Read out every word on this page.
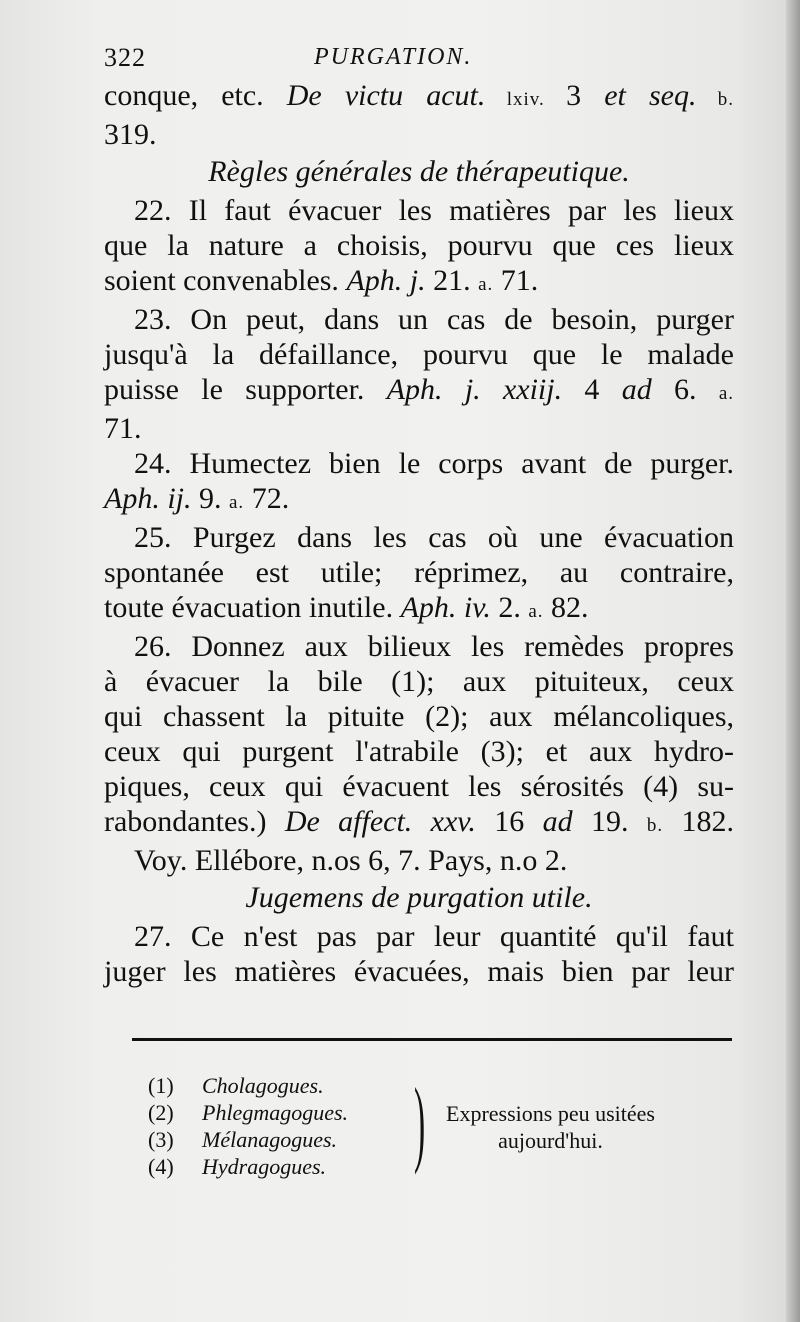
322	PURGATION.
conque, etc. De victu acut. lxiv. 3 et seq. b.
319.
Règles générales de thérapeutique.
22. Il faut évacuer les matières par les lieux
que la nature a choisis, pourvu que ces lieux
soient convenables. Aph. j. 21. a. 71.
23. On peut, dans un cas de besoin, purger
jusqu'à la défaillance, pourvu que le malade
puisse le supporter. Aph. j. xxiij. 4 ad 6. a.
71.
24. Humectez bien le corps avant de purger.
Aph. ij. 9. a. 72.
25. Purgez dans les cas où une évacuation
spontanée est utile; réprimez, au contraire,
toute évacuation inutile. Aph. iv. 2. a. 82.
26. Donnez aux bilieux les remèdes propres
à évacuer la bile (1); aux pituiteux, ceux
qui chassent la pituite (2); aux mélancoliques,
ceux qui purgent l'atrabile (3); et aux hydro-
piques, ceux qui évacuent les sérosités (4) su-
rabondantes.) De affect. xxv. 16 ad 19. b. 182.
Voy. Ellébore, n.os 6, 7. Pays, n.o 2.
Jugemens de purgation utile.
27. Ce n'est pas par leur quantité qu'il faut
juger les matières évacuées, mais bien par leur
(1)	Cholagogues.
(2)	Phlegmagogues.
(3)	Mélanagogues.
(4)	Hydragogues. ) Expressions peu usitées
aujourd'hui.
